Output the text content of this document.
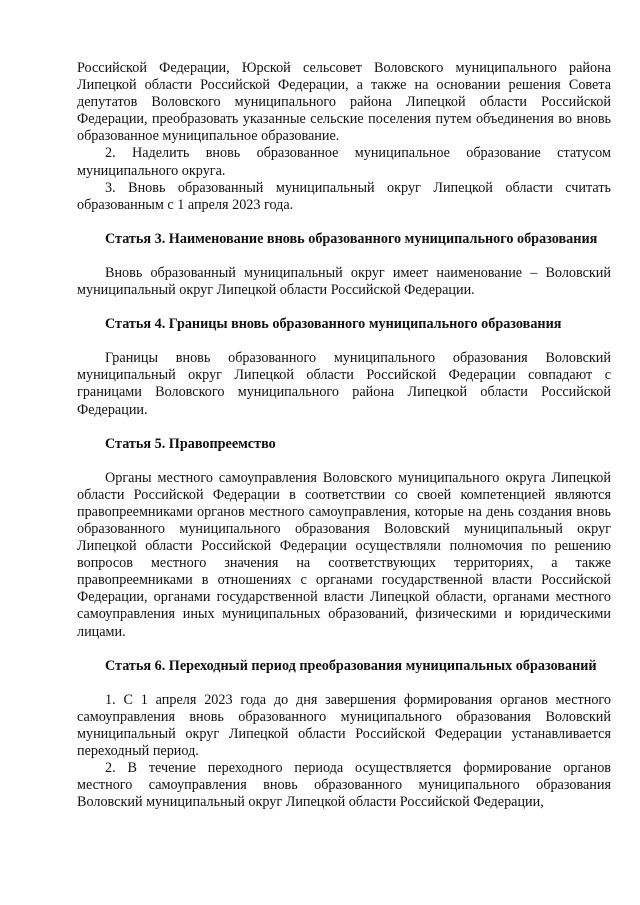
Российской Федерации, Юрской сельсовет Воловского муниципального района Липецкой области Российской Федерации, а также на основании решения Совета депутатов Воловского муниципального района Липецкой области Российской Федерации, преобразовать указанные сельские поселения путем объединения во вновь образованное муниципальное образование.

2. Наделить вновь образованное муниципальное образование статусом муниципального округа.

3. Вновь образованный муниципальный округ Липецкой области считать образованным с 1 апреля 2023 года.

Статья 3. Наименование вновь образованного муниципального образования

Вновь образованный муниципальный округ имеет наименование – Воловский муниципальный округ Липецкой области Российской Федерации.

Статья 4. Границы вновь образованного муниципального образования

Границы вновь образованного муниципального образования Воловский муниципальный округ Липецкой области Российской Федерации совпадают с границами Воловского муниципального района Липецкой области Российской Федерации.

Статья 5. Правопреемство

Органы местного самоуправления Воловского муниципального округа Липецкой области Российской Федерации в соответствии со своей компетенцией являются правопреемниками органов местного самоуправления, которые на день создания вновь образованного муниципального образования Воловский муниципальный округ Липецкой области Российской Федерации осуществляли полномочия по решению вопросов местного значения на соответствующих территориях, а также правопреемниками в отношениях с органами государственной власти Российской Федерации, органами государственной власти Липецкой области, органами местного самоуправления иных муниципальных образований, физическими и юридическими лицами.

Статья 6. Переходный период преобразования муниципальных образований

1. С 1 апреля 2023 года до дня завершения формирования органов местного самоуправления вновь образованного муниципального образования Воловский муниципальный округ Липецкой области Российской Федерации устанавливается переходный период.

2. В течение переходного периода осуществляется формирование органов местного самоуправления вновь образованного муниципального образования Воловский муниципальный округ Липецкой области Российской Федерации,
